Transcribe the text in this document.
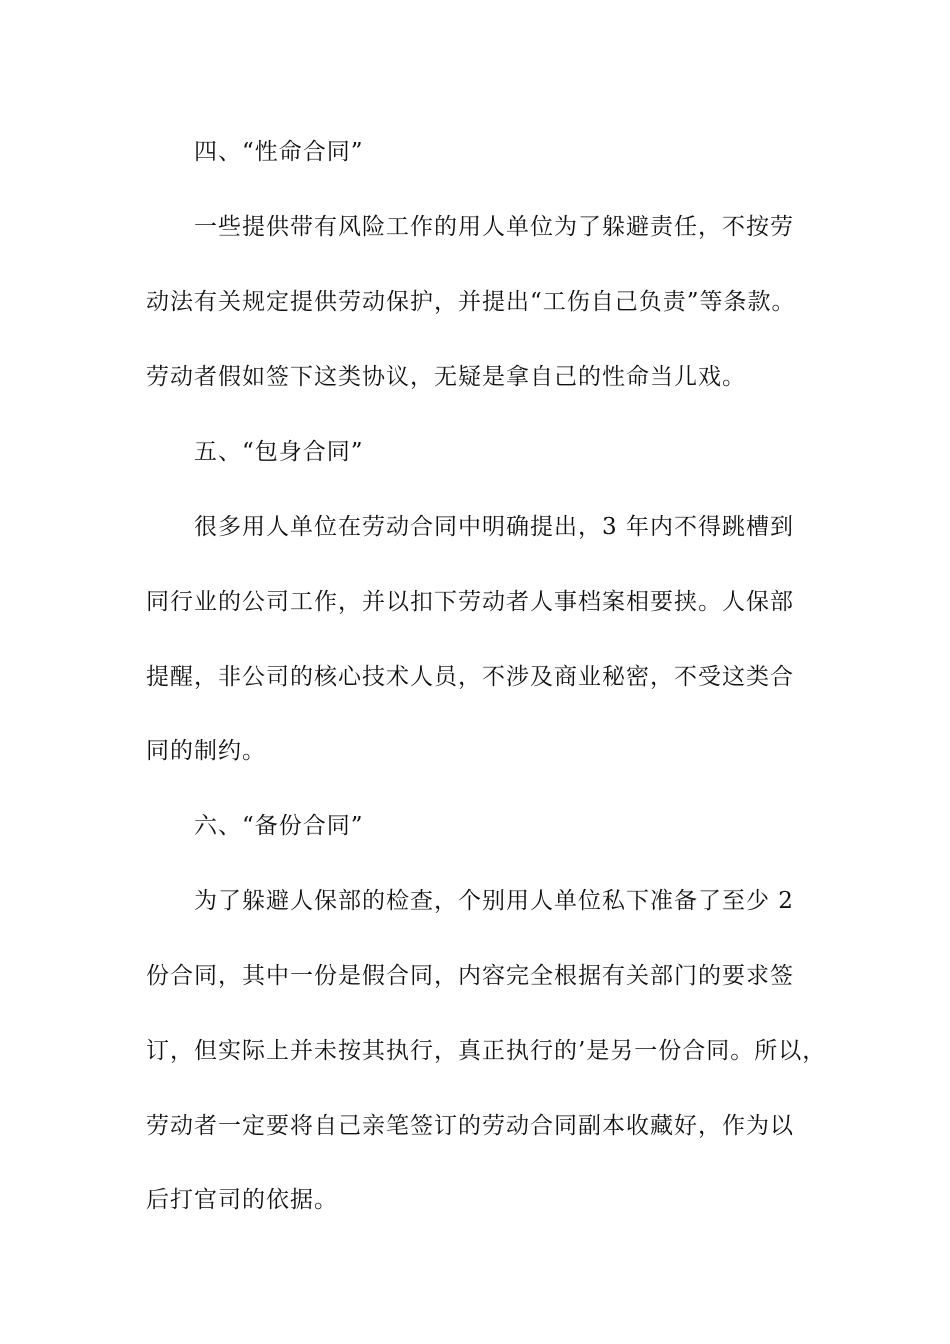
四、“性命合同”
一些提供带有风险工作的用人单位为了躲避责任，不按劳
动法有关规定提供劳动保护，并提出“工伤自己负责”等条款。
劳动者假如签下这类协议，无疑是拿自己的性命当儿戏。
五、“包身合同”
很多用人单位在劳动合同中明确提出，3 年内不得跳槽到
同行业的公司工作，并以扣下劳动者人事档案相要挟。人保部
提醒，非公司的核心技术人员，不涉及商业秘密，不受这类合
同的制约。
六、“备份合同”
为了躲避人保部的检查，个别用人单位私下准备了至少 2
份合同，其中一份是假合同，内容完全根据有关部门的要求签
订，但实际上并未按其执行，真正执行的’是另一份合同。所以，
劳动者一定要将自己亲笔签订的劳动合同副本收藏好，作为以
后打官司的依据。
